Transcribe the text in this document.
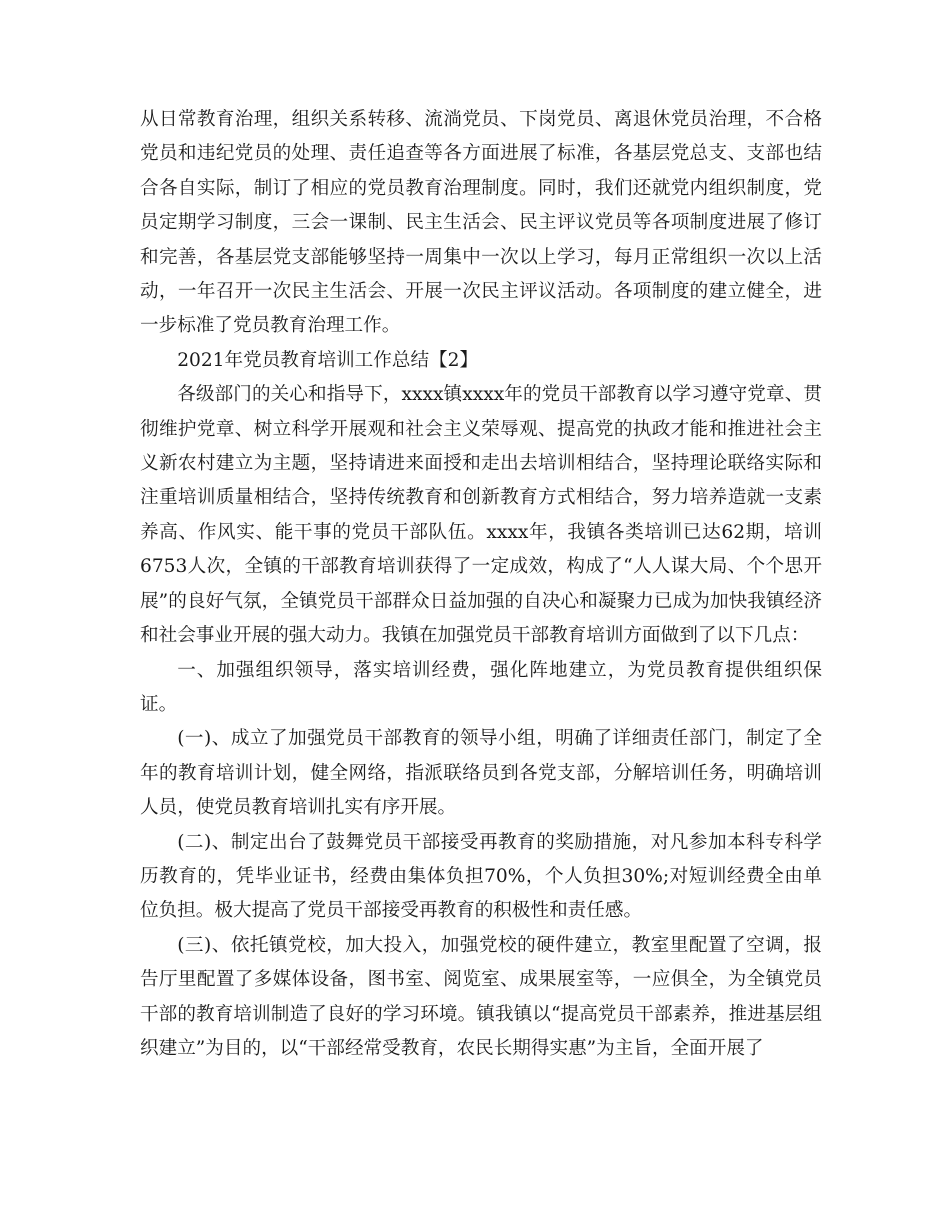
从日常教育治理，组织关系转移、流淌党员、下岗党员、离退休党员治理，不合格党员和违纪党员的处理、责任追查等各方面进展了标准，各基层党总支、支部也结合各自实际，制订了相应的党员教育治理制度。同时，我们还就党内组织制度，党员定期学习制度，三会一课制、民主生活会、民主评议党员等各项制度进展了修订和完善，各基层党支部能够坚持一周集中一次以上学习，每月正常组织一次以上活动，一年召开一次民主生活会、开展一次民主评议活动。各项制度的建立健全，进一步标准了党员教育治理工作。

2021年党员教育培训工作总结【2】

各级部门的关心和指导下，xxxx镇xxxx年的党员干部教育以学习遵守党章、贯彻维护党章、树立科学开展观和社会主义荣辱观、提高党的执政才能和推进社会主义新农村建立为主题，坚持请进来面授和走出去培训相结合，坚持理论联络实际和注重培训质量相结合，坚持传统教育和创新教育方式相结合，努力培养造就一支素养高、作风实、能干事的党员干部队伍。xxxx年，我镇各类培训已达62期，培训6753人次，全镇的干部教育培训获得了一定成效，构成了“人人谋大局、个个思开展”的良好气氛，全镇党员干部群众日益加强的自决心和凝聚力已成为加快我镇经济和社会事业开展的强大动力。我镇在加强党员干部教育培训方面做到了以下几点：

一、加强组织领导，落实培训经费，强化阵地建立，为党员教育提供组织保证。

(一)、成立了加强党员干部教育的领导小组，明确了详细责任部门，制定了全年的教育培训计划，健全网络，指派联络员到各党支部，分解培训任务，明确培训人员，使党员教育培训扎实有序开展。

(二)、制定出台了鼓舞党员干部接受再教育的奖励措施，对凡参加本科专科学历教育的，凭毕业证书，经费由集体负担70%，个人负担30%;对短训经费全由单位负担。极大提高了党员干部接受再教育的积极性和责任感。

(三)、依托镇党校，加大投入，加强党校的硬件建立，教室里配置了空调，报告厅里配置了多媒体设备，图书室、阅览室、成果展室等，一应俱全，为全镇党员干部的教育培训制造了良好的学习环境。镇我镇以“提高党员干部素养，推进基层组织建立”为目的，以“干部经常受教育，农民长期得实惠”为主旨，全面开展了
